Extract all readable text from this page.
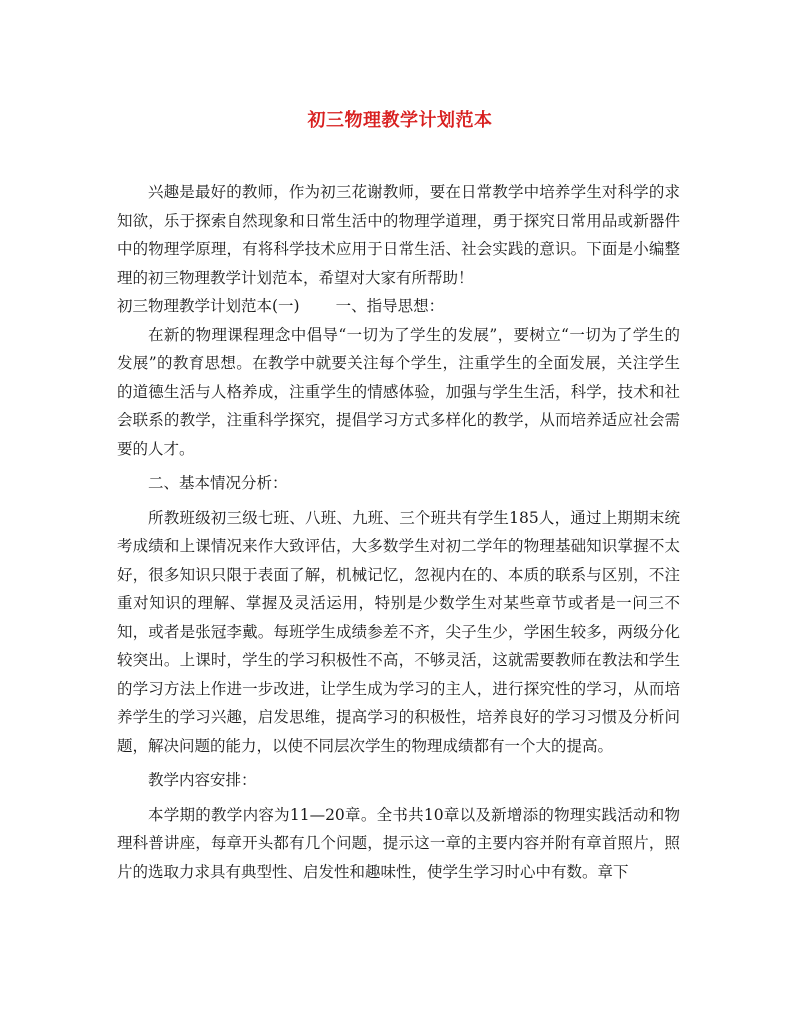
初三物理教学计划范本

兴趣是最好的教师，作为初三花谢教师，要在日常教学中培养学生对科学的求知欲，乐于探索自然现象和日常生活中的物理学道理，勇于探究日常用品或新器件中的物理学原理，有将科学技术应用于日常生活、社会实践的意识。下面是小编整理的初三物理教学计划范本，希望对大家有所帮助！

初三物理教学计划范本(一) 一、指导思想：

在新的物理课程理念中倡导“一切为了学生的发展”，要树立“一切为了学生的发展”的教育思想。在教学中就要关注每个学生，注重学生的全面发展，关注学生的道德生活与人格养成，注重学生的情感体验，加强与学生生活，科学，技术和社会联系的教学，注重科学探究，提倡学习方式多样化的教学，从而培养适应社会需要的人才。

二、基本情况分析：

所教班级初三级七班、八班、九班、三个班共有学生185人，通过上期期末统考成绩和上课情况来作大致评估，大多数学生对初二学年的物理基础知识掌握不太好，很多知识只限于表面了解，机械记忆，忽视内在的、本质的联系与区别，不注重对知识的理解、掌握及灵活运用，特别是少数学生对某些章节或者是一问三不知，或者是张冠李戴。每班学生成绩参差不齐，尖子生少，学困生较多，两级分化较突出。上课时，学生的学习积极性不高，不够灵活，这就需要教师在教法和学生的学习方法上作进一步改进，让学生成为学习的主人，进行探究性的学习，从而培养学生的学习兴趣，启发思维，提高学习的积极性，培养良好的学习习惯及分析问题，解决问题的能力，以使不同层次学生的物理成绩都有一个大的提高。

教学内容安排：

本学期的教学内容为11—20章。全书共10章以及新增添的物理实践活动和物理科普讲座，每章开头都有几个问题，提示这一章的主要内容并附有章首照片，照片的选取力求具有典型性、启发性和趣味性，使学生学习时心中有数。章下
